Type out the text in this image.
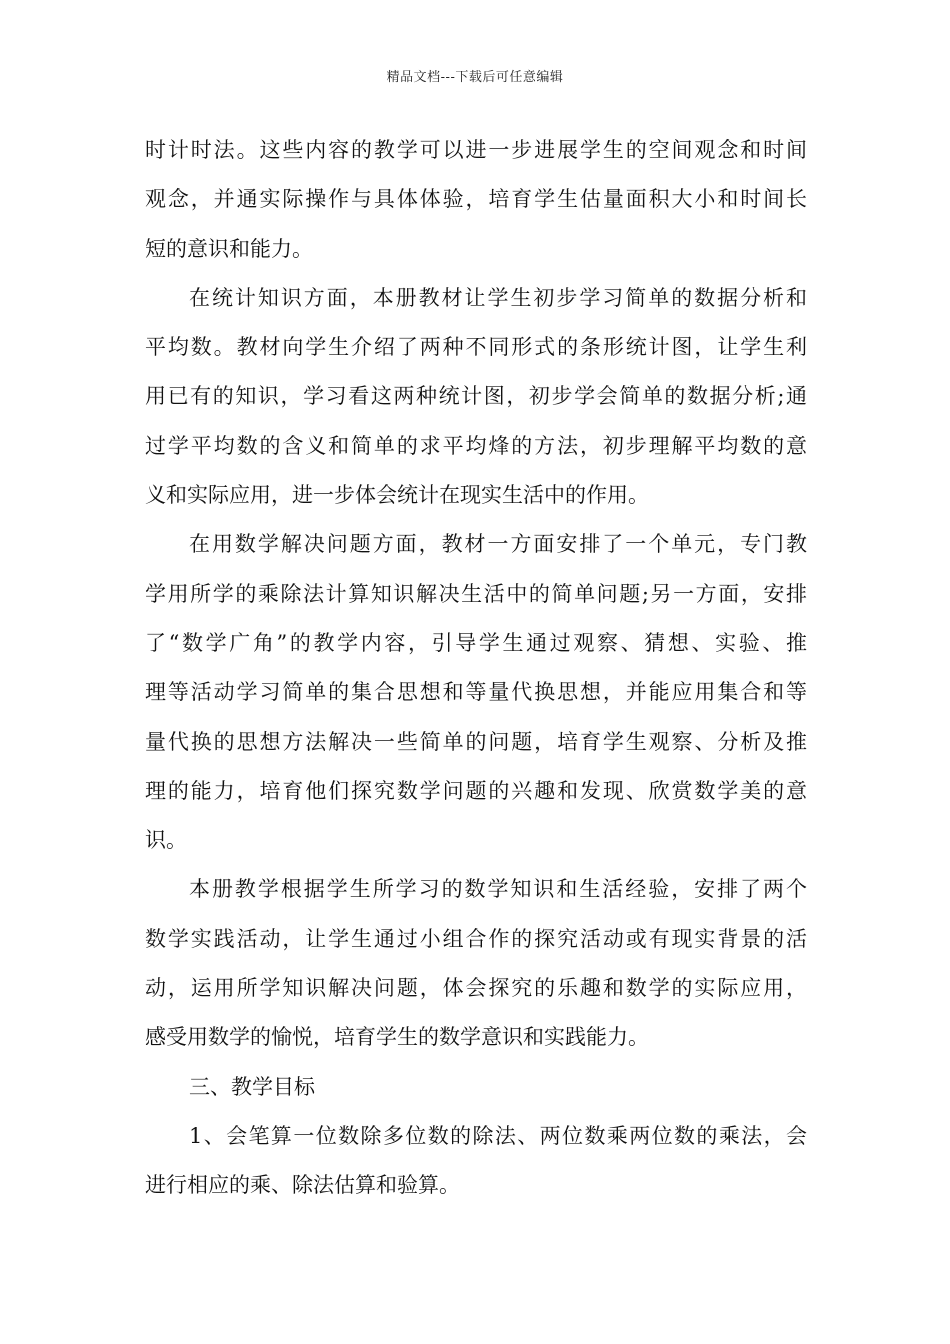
精品文档---下载后可任意编辑
时计时法。这些内容的教学可以进一步进展学生的空间观念和时间
观念，并通实际操作与具体体验，培育学生估量面积大小和时间长
短的意识和能力。
在统计知识方面，本册教材让学生初步学习简单的数据分析和
平均数。教材向学生介绍了两种不同形式的条形统计图，让学生利
用已有的知识，学习看这两种统计图，初步学会简单的数据分析;通
过学平均数的含义和简单的求平均烽的方法，初步理解平均数的意
义和实际应用，进一步体会统计在现实生活中的作用。
在用数学解决问题方面，教材一方面安排了一个单元，专门教
学用所学的乘除法计算知识解决生活中的简单问题;另一方面，安排
了“数学广角”的教学内容，引导学生通过观察、猜想、实验、推
理等活动学习简单的集合思想和等量代换思想，并能应用集合和等
量代换的思想方法解决一些简单的问题，培育学生观察、分析及推
理的能力，培育他们探究数学问题的兴趣和发现、欣赏数学美的意
识。
本册教学根据学生所学习的数学知识和生活经验，安排了两个
数学实践活动，让学生通过小组合作的探究活动或有现实背景的活
动，运用所学知识解决问题，体会探究的乐趣和数学的实际应用，
感受用数学的愉悦，培育学生的数学意识和实践能力。
三、教学目标
1、会笔算一位数除多位数的除法、两位数乘两位数的乘法，会
进行相应的乘、除法估算和验算。
